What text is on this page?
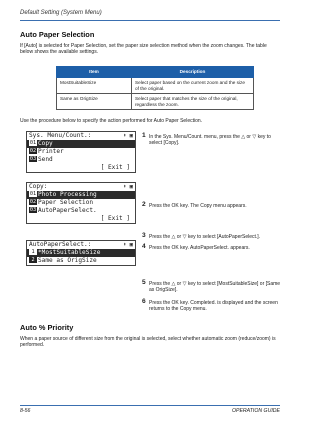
Default Setting (System Menu)
Auto Paper Selection
If [Auto] is selected for Paper Selection, set the paper size selection method when the zoom changes. The table below shows the available settings.
Item	Description
MostSuitableSize	Select paper based on the current zoom and the size of the original.
Same as OrigSize	Select paper that matches the size of the original, regardless the zoom.
Use the procedure below to specify the action performed for Auto Paper Selection.
Sys. Menu/Count.:	⬍ ▣
01 Copy
02 Printer
03 Send
[ Exit ]
Copy:	⬍ ▣
01 Photo Processing
02 Paper Selection
03 AutoPaperSelect.
[ Exit ]
AutoPaperSelect.:	⬍ ▣
1 *MostSuitableSize
2 Same as OrigSize
1 In the Sys. Menu/Count. menu, press the △ or ▽ key to select [Copy].
2 Press the OK key. The Copy menu appears.
3 Press the △ or ▽ key to select [AutoPaperSelect.].
4 Press the OK key. AutoPaperSelect. appears.
5 Press the △ or ▽ key to select [MostSuitableSize] or [Same as OrigSize].
6 Press the OK key. Completed. is displayed and the screen returns to the Copy menu.
Auto % Priority
When a paper source of different size from the original is selected, select whether automatic zoom (reduce/zoom) is performed.
8-56	OPERATION GUIDE
